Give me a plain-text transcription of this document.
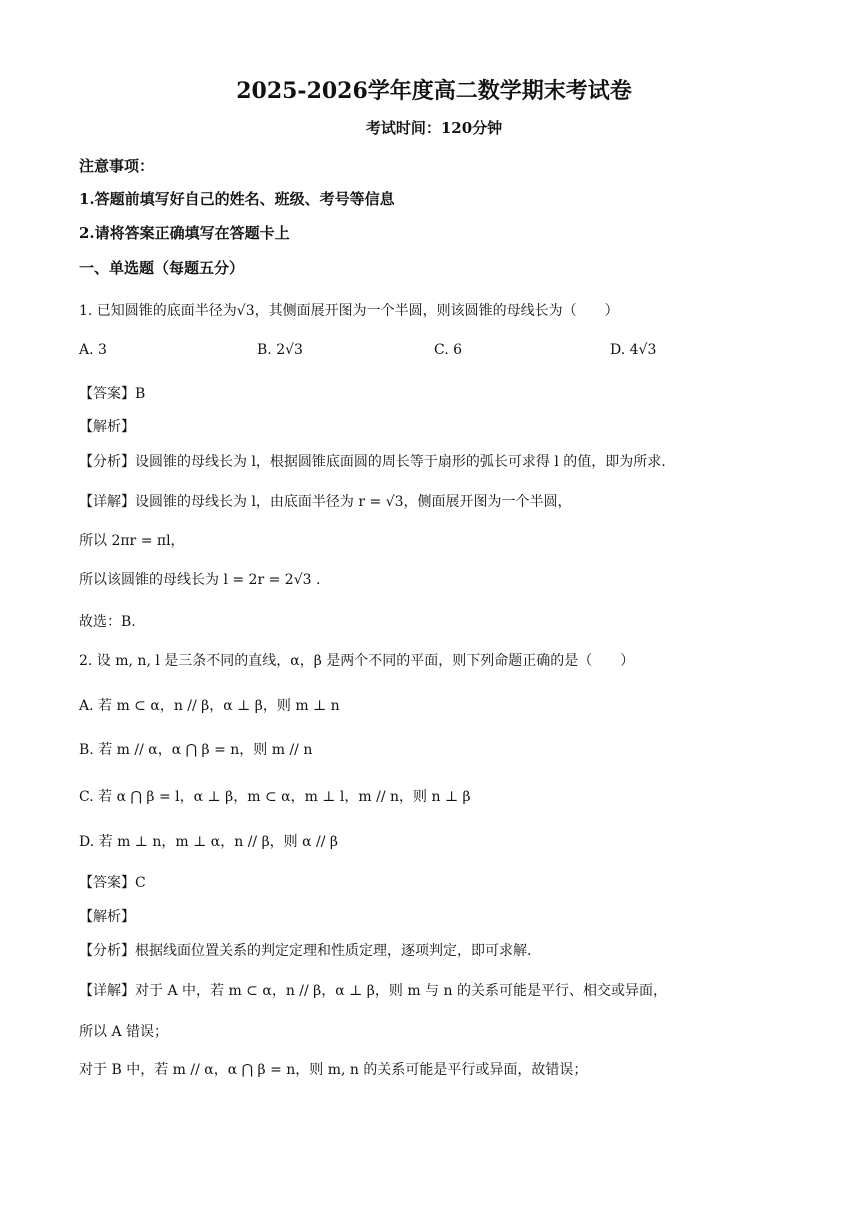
2025-2026学年度高二数学期末考试卷
考试时间：120分钟
注意事项：
1.答题前填写好自己的姓名、班级、考号等信息
2.请将答案正确填写在答题卡上
一、单选题（每题五分）
1. 已知圆锥的底面半径为√3，其侧面展开图为一个半圆，则该圆锥的母线长为（　　）
A. 3	B. 2√3	C. 6	D. 4√3
【答案】B
【解析】
【分析】设圆锥的母线长为 l，根据圆锥底面圆的周长等于扇形的弧长可求得 l 的值，即为所求.
【详解】设圆锥的母线长为 l，由底面半径为 r = √3，侧面展开图为一个半圆，
所以 2πr = πl，
所以该圆锥的母线长为 l = 2r = 2√3 .
故选：B.
2. 设 m, n, l 是三条不同的直线，α，β 是两个不同的平面，则下列命题正确的是（　　）
A. 若 m ⊂ α，n // β，α ⊥ β，则 m ⊥ n
B. 若 m // α，α ⋂ β = n，则 m // n
C. 若 α ⋂ β = l，α ⊥ β，m ⊂ α，m ⊥ l，m // n，则 n ⊥ β
D. 若 m ⊥ n，m ⊥ α，n // β，则 α // β
【答案】C
【解析】
【分析】根据线面位置关系的判定定理和性质定理，逐项判定，即可求解.
【详解】对于 A 中，若 m ⊂ α，n // β，α ⊥ β，则 m 与 n 的关系可能是平行、相交或异面，
所以 A 错误；
对于 B 中，若 m // α，α ⋂ β = n，则 m, n 的关系可能是平行或异面，故错误；
